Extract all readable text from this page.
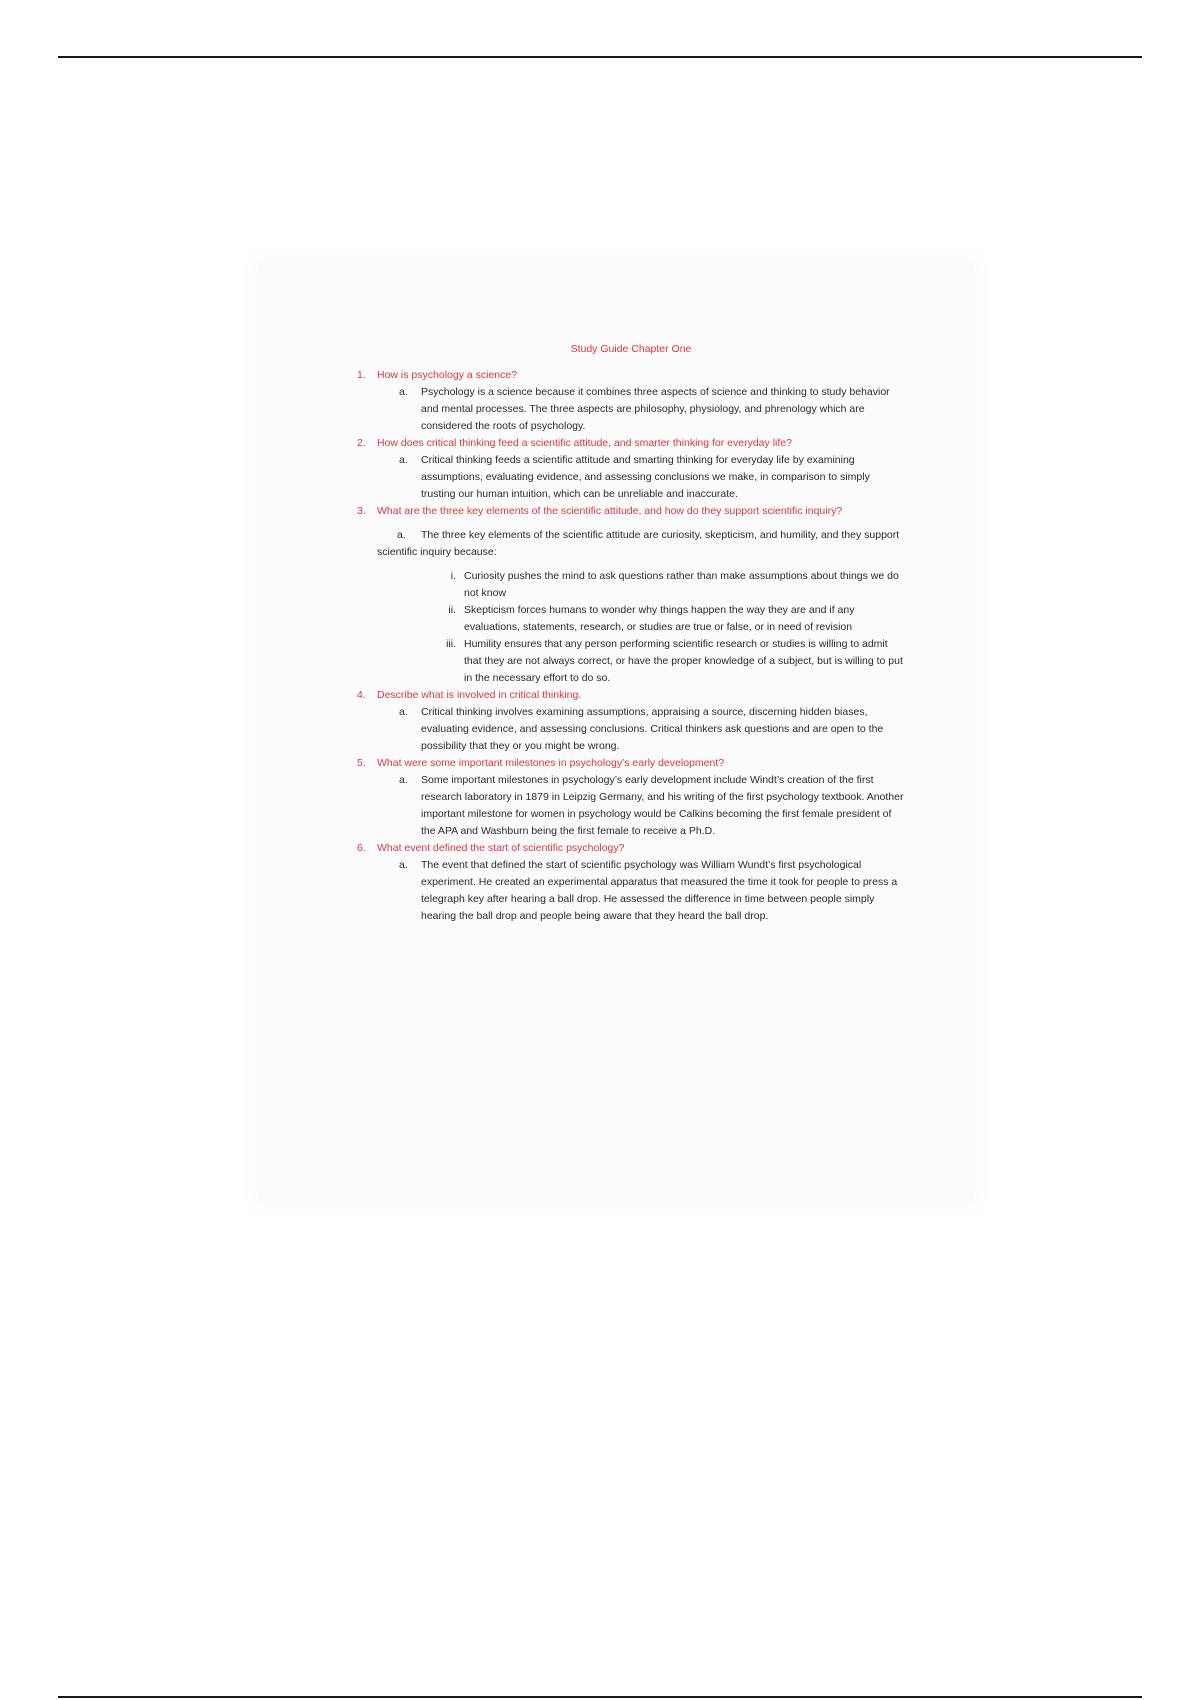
Study Guide Chapter One
1.	How is psychology a science?
a.	Psychology is a science because it combines three aspects of science and thinking to study behavior and mental processes. The three aspects are philosophy, physiology, and phrenology which are considered the roots of psychology.
2.	How does critical thinking feed a scientific attitude, and smarter thinking for everyday life?
a.	Critical thinking feeds a scientific attitude and smarting thinking for everyday life by examining assumptions, evaluating evidence, and assessing conclusions we make, in comparison to simply trusting our human intuition, which can be unreliable and inaccurate.
3.	What are the three key elements of the scientific attitude, and how do they support scientific inquiry?
a. The three key elements of the scientific attitude are curiosity, skepticism, and humility, and they support scientific inquiry because:
i. Curiosity pushes the mind to ask questions rather than make assumptions about things we do not know
ii. Skepticism forces humans to wonder why things happen the way they are and if any evaluations, statements, research, or studies are true or false, or in need of revision
iii. Humility ensures that any person performing scientific research or studies is willing to admit that they are not always correct, or have the proper knowledge of a subject, but is willing to put in the necessary effort to do so.
4.	Describe what is involved in critical thinking.
a.	Critical thinking involves examining assumptions, appraising a source, discerning hidden biases, evaluating evidence, and assessing conclusions. Critical thinkers ask questions and are open to the possibility that they or you might be wrong.
5.	What were some important milestones in psychology’s early development?
a.	Some important milestones in psychology’s early development include Windt’s creation of the first research laboratory in 1879 in Leipzig Germany, and his writing of the first psychology textbook. Another important milestone for women in psychology would be Calkins becoming the first female president of the APA and Washburn being the first female to receive a Ph.D.
6.	What event defined the start of scientific psychology?
a.	The event that defined the start of scientific psychology was William Wundt’s first psychological experiment. He created an experimental apparatus that measured the time it took for people to press a telegraph key after hearing a ball drop. He assessed the difference in time between people simply hearing the ball drop and people being aware that they heard the ball drop.
